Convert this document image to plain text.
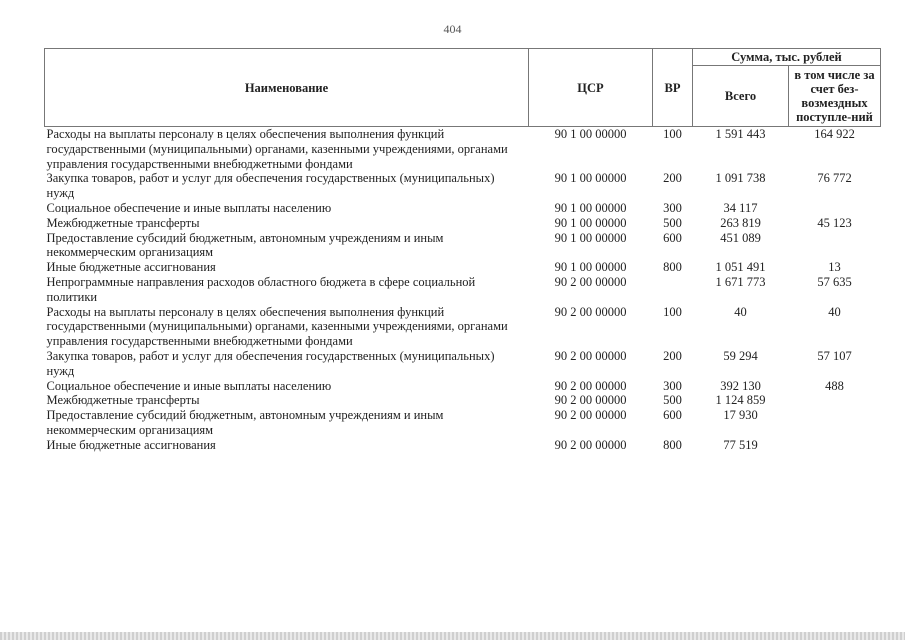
404
Наименование	ЦСР	ВР	Сумма, тыс. рублей	
			Всего	в том числе за счет без-возмездных поступле-ний
Расходы на выплаты персоналу в целях обеспечения выполнения функций государственными (муниципальными) органами, казенными учреждениями, органами управления государственными внебюджетными фондами	90 1 00 00000	100	1 591 443	164 922
Закупка товаров, работ и услуг для обеспечения государственных (муниципальных) нужд	90 1 00 00000	200	1 091 738	76 772
Социальное обеспечение и иные выплаты населению	90 1 00 00000	300	34 117	
Межбюджетные трансферты	90 1 00 00000	500	263 819	45 123
Предоставление субсидий бюджетным, автономным учреждениям и иным некоммерческим организациям	90 1 00 00000	600	451 089	
Иные бюджетные ассигнования	90 1 00 00000	800	1 051 491	13
Непрограммные направления расходов областного бюджета в сфере социальной политики	90 2 00 00000		1 671 773	57 635
Расходы на выплаты персоналу в целях обеспечения выполнения функций государственными (муниципальными) органами, казенными учреждениями, органами управления государственными внебюджетными фондами	90 2 00 00000	100	40	40
Закупка товаров, работ и услуг для обеспечения государственных (муниципальных) нужд	90 2 00 00000	200	59 294	57 107
Социальное обеспечение и иные выплаты населению	90 2 00 00000	300	392 130	488
Межбюджетные трансферты	90 2 00 00000	500	1 124 859	
Предоставление субсидий бюджетным, автономным учреждениям и иным некоммерческим организациям	90 2 00 00000	600	17 930	
Иные бюджетные ассигнования	90 2 00 00000	800	77 519	
